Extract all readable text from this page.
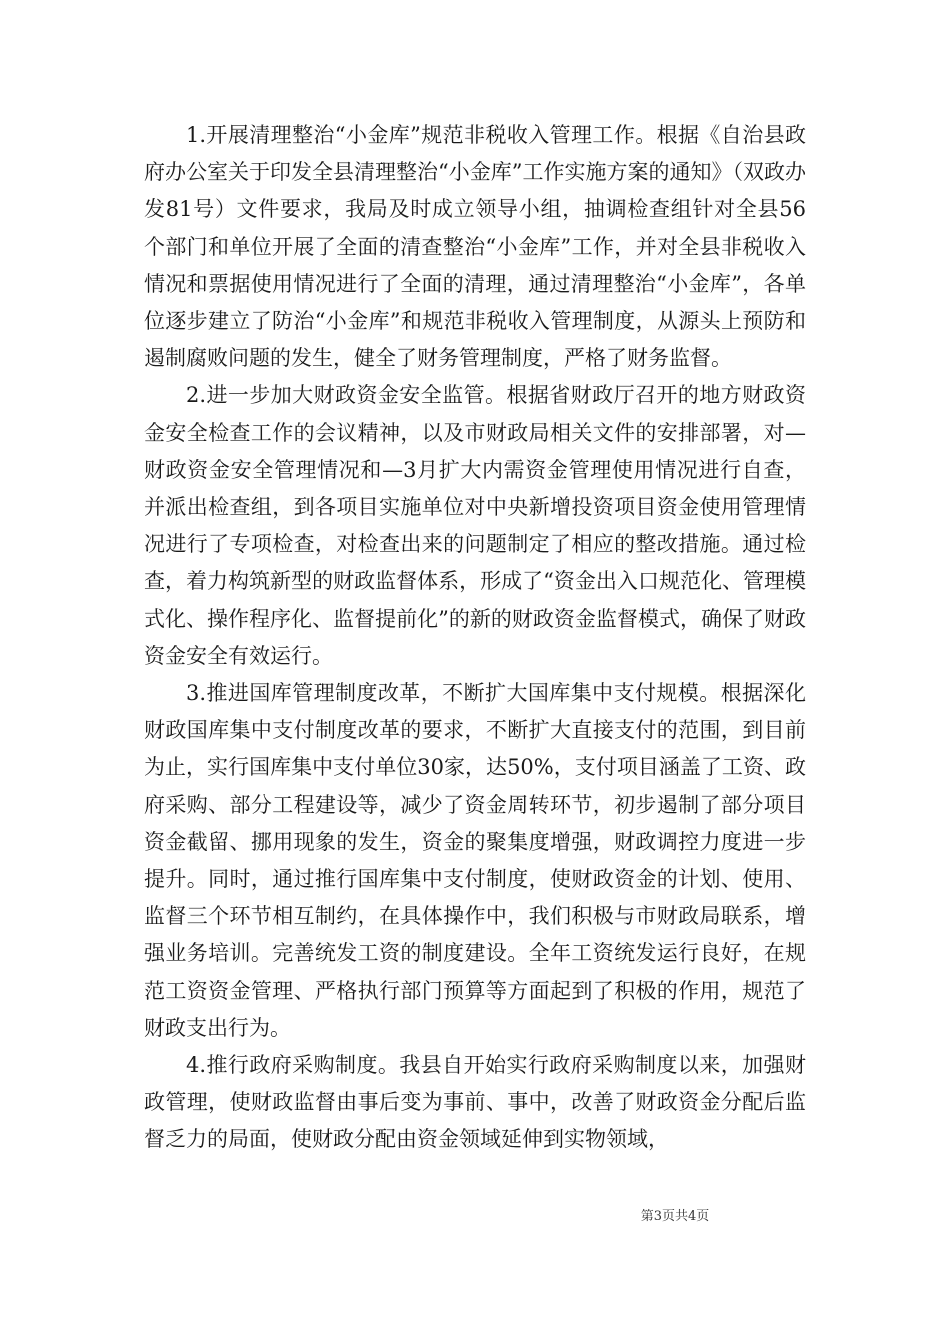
1.开展清理整治“小金库”规范非税收入管理工作。根据《自治县政府办公室关于印发全县清理整治“小金库”工作实施方案的通知》（双政办发81号）文件要求，我局及时成立领导小组，抽调检查组针对全县56个部门和单位开展了全面的清查整治“小金库”工作，并对全县非税收入情况和票据使用情况进行了全面的清理，通过清理整治“小金库”，各单位逐步建立了防治“小金库”和规范非税收入管理制度，从源头上预防和遏制腐败问题的发生，健全了财务管理制度，严格了财务监督。

2.进一步加大财政资金安全监管。根据省财政厅召开的地方财政资金安全检查工作的会议精神，以及市财政局相关文件的安排部署，对—财政资金安全管理情况和—3月扩大内需资金管理使用情况进行自查，并派出检查组，到各项目实施单位对中央新增投资项目资金使用管理情况进行了专项检查，对检查出来的问题制定了相应的整改措施。通过检查，着力构筑新型的财政监督体系，形成了“资金出入口规范化、管理模式化、操作程序化、监督提前化”的新的财政资金监督模式，确保了财政资金安全有效运行。

3.推进国库管理制度改革，不断扩大国库集中支付规模。根据深化财政国库集中支付制度改革的要求，不断扩大直接支付的范围，到目前为止，实行国库集中支付单位30家，达50%，支付项目涵盖了工资、政府采购、部分工程建设等，减少了资金周转环节，初步遏制了部分项目资金截留、挪用现象的发生，资金的聚集度增强，财政调控力度进一步提升。同时，通过推行国库集中支付制度，使财政资金的计划、使用、监督三个环节相互制约，在具体操作中，我们积极与市财政局联系，增强业务培训。完善统发工资的制度建设。全年工资统发运行良好，在规范工资资金管理、严格执行部门预算等方面起到了积极的作用，规范了财政支出行为。

4.推行政府采购制度。我县自开始实行政府采购制度以来，加强财政管理，使财政监督由事后变为事前、事中，改善了财政资金分配后监督乏力的局面，使财政分配由资金领域延伸到实物领域，

第3页共4页
